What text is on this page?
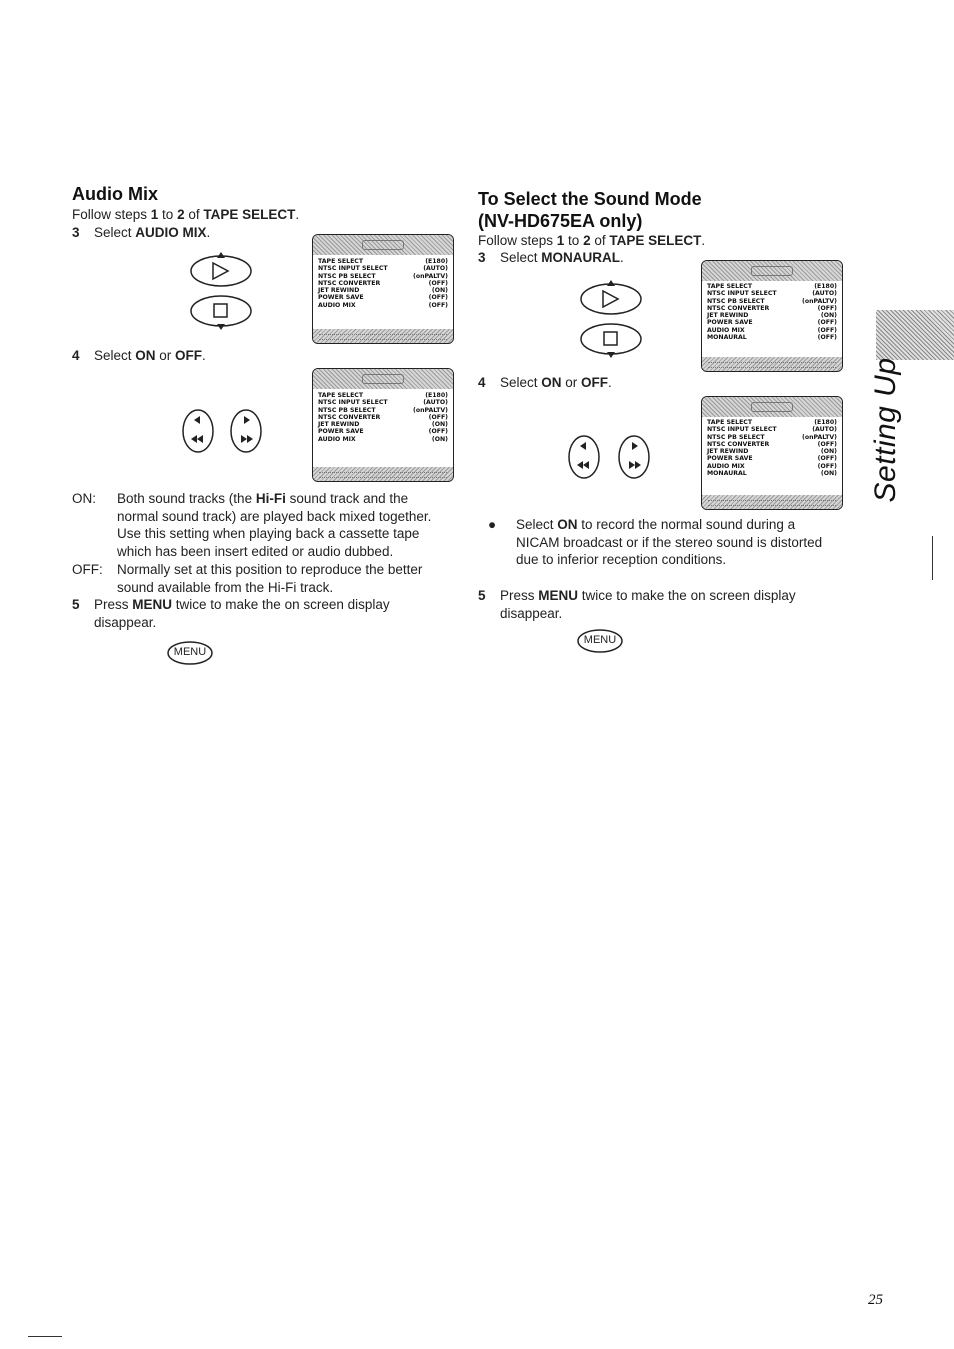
Audio Mix
Follow steps 1 to 2 of TAPE SELECT.
3 Select AUDIO MIX.
TAPE SELECT	(E180)
NTSC INPUT SELECT	(AUTO)
NTSC PB SELECT	(onPALTV)
NTSC CONVERTER	(OFF)
JET REWIND	(ON)
POWER SAVE	(OFF)
AUDIO MIX	(OFF)
4 Select ON or OFF.
TAPE SELECT	(E180)
NTSC INPUT SELECT	(AUTO)
NTSC PB SELECT	(onPALTV)
NTSC CONVERTER	(OFF)
JET REWIND	(ON)
POWER SAVE	(OFF)
AUDIO MIX	(ON)
ON: Both sound tracks (the Hi-Fi sound track and the
normal sound track) are played back mixed together.
Use this setting when playing back a cassette tape
which has been insert edited or audio dubbed.
OFF: Normally set at this position to reproduce the better
sound available from the Hi-Fi track.
5 Press MENU twice to make the on screen display
disappear.
MENU
To Select the Sound Mode
(NV-HD675EA only)
Follow steps 1 to 2 of TAPE SELECT.
3 Select MONAURAL.
TAPE SELECT	(E180)
NTSC INPUT SELECT	(AUTO)
NTSC PB SELECT	(onPALTV)
NTSC CONVERTER	(OFF)
JET REWIND	(ON)
POWER SAVE	(OFF)
AUDIO MIX	(OFF)
MONAURAL	(OFF)
4 Select ON or OFF.
TAPE SELECT	(E180)
NTSC INPUT SELECT	(AUTO)
NTSC PB SELECT	(onPALTV)
NTSC CONVERTER	(OFF)
JET REWIND	(ON)
POWER SAVE	(OFF)
AUDIO MIX	(OFF)
MONAURAL	(ON)
●	Select ON to record the normal sound during a
NICAM broadcast or if the stereo sound is distorted
due to inferior reception conditions.
5 Press MENU twice to make the on screen display
disappear.
MENU
Setting Up
25
